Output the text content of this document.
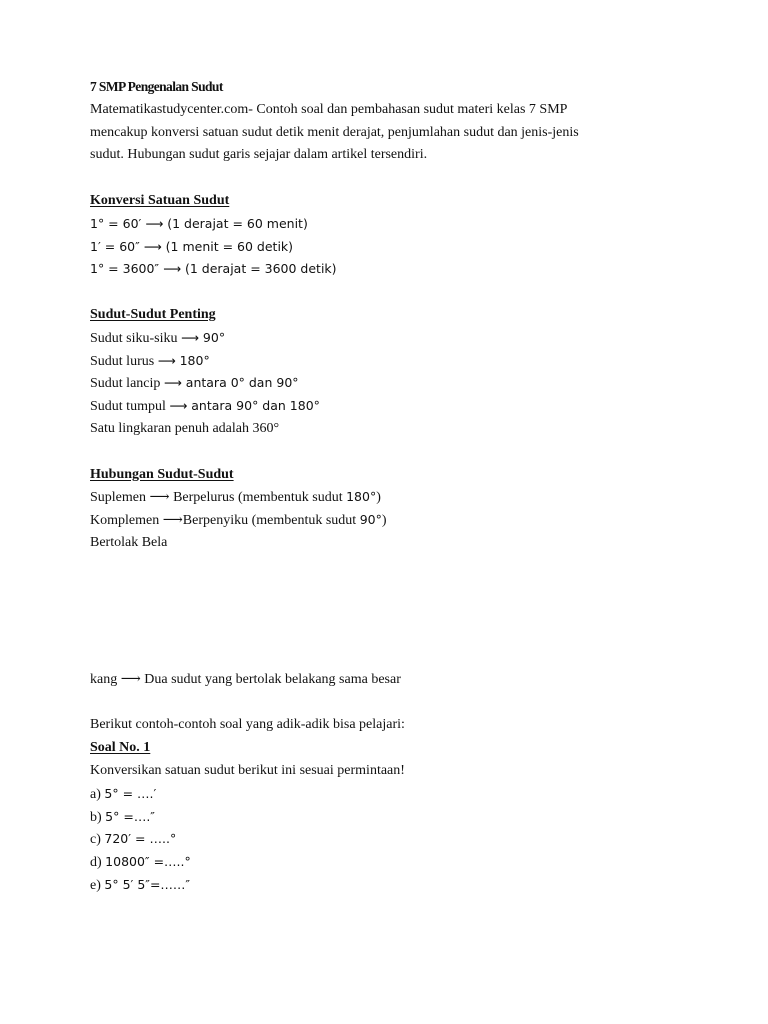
7 SMP Pengenalan Sudut
Matematikastudycenter.com- Contoh soal dan pembahasan sudut materi kelas 7 SMP
mencakup konversi satuan sudut detik menit derajat, penjumlahan sudut dan jenis-jenis
sudut. Hubungan sudut garis sejajar dalam artikel tersendiri.
Konversi Satuan Sudut
1° = 60′ ⟶ (1 derajat = 60 menit)
1′ = 60″ ⟶ (1 menit = 60 detik)
1° = 3600″ ⟶ (1 derajat = 3600 detik)
Sudut-Sudut Penting
Sudut siku-siku ⟶ 90°
Sudut lurus ⟶ 180°
Sudut lancip ⟶ antara 0° dan 90°
Sudut tumpul ⟶ antara 90° dan 180°
Satu lingkaran penuh adalah 360°
Hubungan Sudut-Sudut
Suplemen ⟶ Berpelurus (membentuk sudut 180°)
Komplemen ⟶Berpenyiku (membentuk sudut 90°)
Bertolak Bela
kang ⟶ Dua sudut yang bertolak belakang sama besar
Berikut contoh-contoh soal yang adik-adik bisa pelajari:
Soal No. 1
Konversikan satuan sudut berikut ini sesuai permintaan!
a) 5° = ….′
b) 5° =….″
c) 720′ = …..°
d) 10800″ =…..°
e) 5° 5′ 5″=……″
